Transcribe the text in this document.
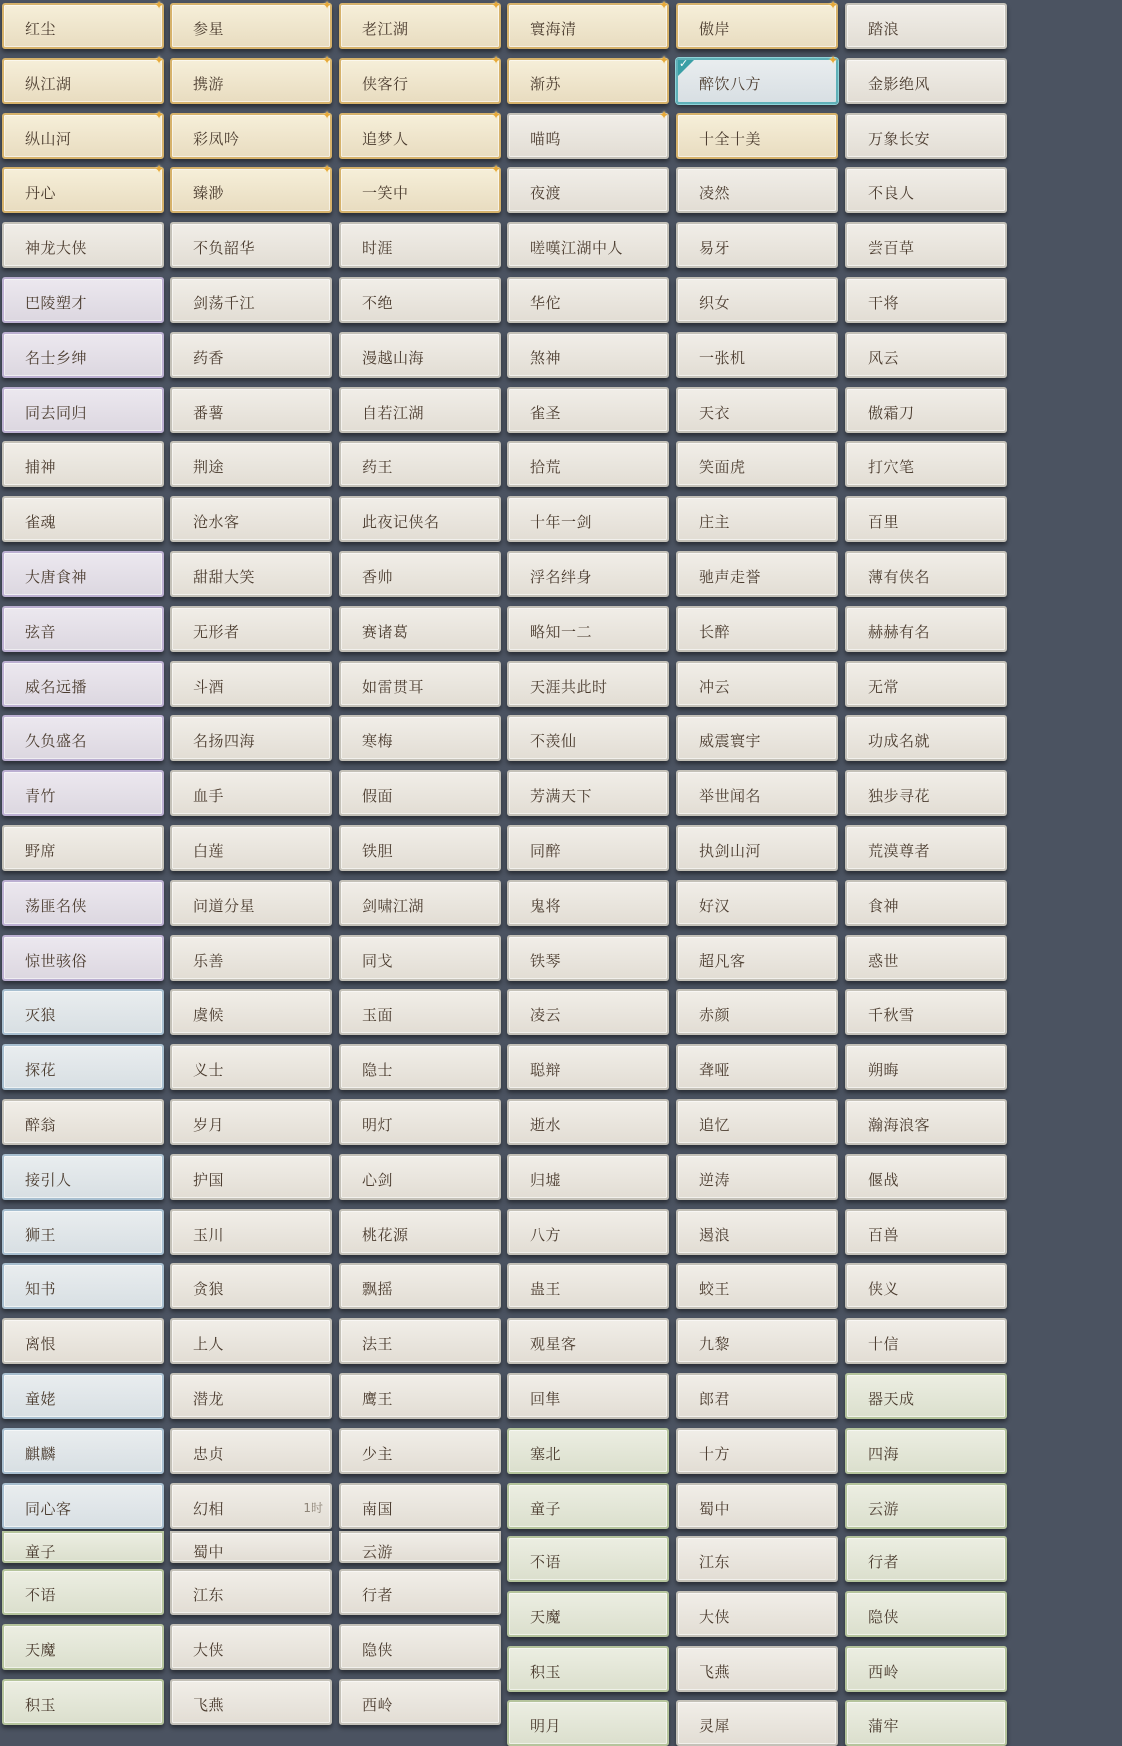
红尘
✦
纵江湖
✦
纵山河
✦
丹心
✦
神龙大侠
巴陵塑才
名士乡绅
同去同归
捕神
雀魂
大唐食神
弦音
威名远播
久负盛名
青竹
野席
荡匪名侠
惊世骇俗
灭狼
探花
醉翁
接引人
狮王
知书
离恨
童姥
麒麟
同心客
童子
不语
天魔
积玉
参星
✦
携游
✦
彩凤吟
✦
臻渺
✦
不负韶华
剑荡千江
药香
番薯
荆途
沧水客
甜甜大笑
无形者
斗酒
名扬四海
血手
白莲
问道分星
乐善
虞候
义士
岁月
护国
玉川
贪狼
上人
潜龙
忠贞
幻相	1时
蜀中
江东
大侠
飞燕
老江湖
✦
侠客行
✦
追梦人
✦
一笑中
✦
时涯
不绝
漫越山海
自若江湖
药王
此夜记侠名
香帅
赛诸葛
如雷贯耳
寒梅
假面
铁胆
剑啸江湖
同戈
玉面
隐士
明灯
心剑
桃花源
飘摇
法王
鹰王
少主
南国
云游
行者
隐侠
西岭
寰海清
✦
渐苏
✦
喵呜
✦
夜渡
嗟嘆江湖中人
华佗
煞神
雀圣
拾荒
十年一剑
浮名绊身
略知一二
天涯共此时
不羡仙
芳满天下
同醉
鬼将
铁琴
凌云
聪辩
逝水
归墟
八方
蛊王
观星客
回隼
塞北
童子
不语
天魔
积玉
明月
傲岸
✦
醉饮八方
✦
✓
十全十美
凌然
易牙
织女
一张机
天衣
笑面虎
庄主
驰声走誉
长醉
冲云
威震寰宇
举世闻名
执剑山河
好汉
超凡客
赤颜
聋哑
追忆
逆涛
遏浪
蛟王
九黎
郎君
十方
蜀中
江东
大侠
飞燕
灵犀
踏浪
金影绝风
万象长安
不良人
尝百草
干将
风云
傲霜刀
打穴笔
百里
薄有侠名
赫赫有名
无常
功成名就
独步寻花
荒漠尊者
食神
惑世
千秋雪
朔晦
瀚海浪客
偃战
百兽
侠义
十信
器天成
四海
云游
行者
隐侠
西岭
蒲牢
